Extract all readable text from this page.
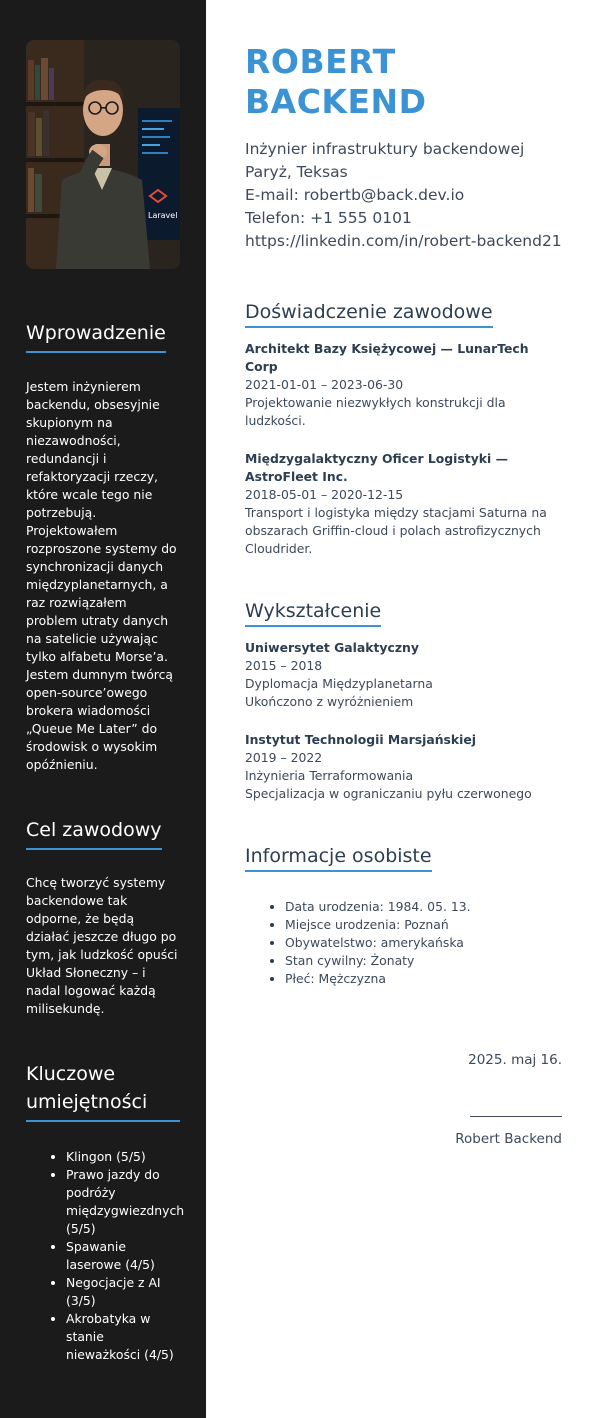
Laravel
Wprowadzenie

Jestem inżynierem backendu, obsesyjnie skupionym na niezawodności, redundancji i refaktoryzacji rzeczy, które wcale tego nie potrzebują. Projektowałem rozproszone systemy do synchronizacji danych międzyplanetarnych, a raz rozwiązałem problem utraty danych na satelicie używając tylko alfabetu Morse’a. Jestem dumnym twórcą open-source’owego brokera wiadomości „Queue Me Later” do środowisk o wysokim opóźnieniu.

Cel zawodowy

Chcę tworzyć systemy backendowe tak odporne, że będą działać jeszcze długo po tym, jak ludzkość opuści Układ Słoneczny – i nadal logować każdą milisekundę.

Kluczowe umiejętności
• Klingon (5/5)
• Prawo jazdy do podróży międzygwiezdnych (5/5)
• Spawanie laserowe (4/5)
• Negocjacje z AI (3/5)
• Akrobatyka w stanie nieważkości (4/5)
ROBERT BACKEND
Inżynier infrastruktury backendowej
Paryż, Teksas
E-mail: robertb@back.dev.io
Telefon: +1 555 0101
https://linkedin.com/in/robert-backend21
Doświadczenie zawodowe
Architekt Bazy Księżycowej — LunarTech Corp
2021-01-01 – 2023-06-30
Projektowanie niezwykłych konstrukcji dla ludzkości.
Międzygalaktyczny Oficer Logistyki — AstroFleet Inc.
2018-05-01 – 2020-12-15
Transport i logistyka między stacjami Saturna na obszarach Griffin-cloud i polach astrofizycznych Cloudrider.
Wykształcenie
Uniwersytet Galaktyczny
2015 – 2018
Dyplomacja Międzyplanetarna
Ukończono z wyróżnieniem
Instytut Technologii Marsjańskiej
2019 – 2022
Inżynieria Terraformowania
Specjalizacja w ograniczaniu pyłu czerwonego
Informacje osobiste
• Data urodzenia: 1984. 05. 13.
• Miejsce urodzenia: Poznań
• Obywatelstwo: amerykańska
• Stan cywilny: Żonaty
• Płeć: Mężczyzna
2025. maj 16.
Robert Backend
